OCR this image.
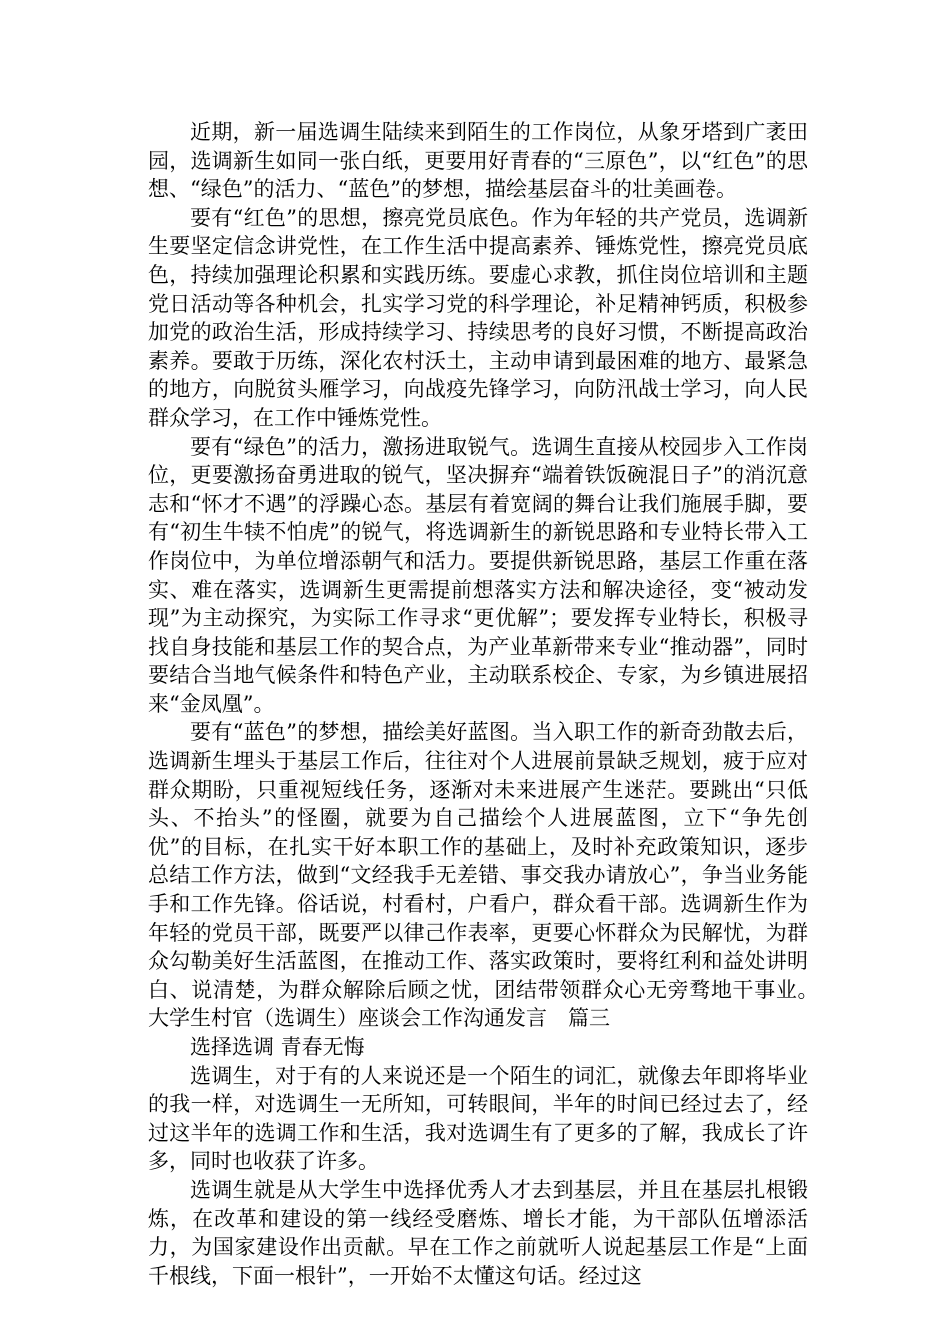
近期，新一届选调生陆续来到陌生的工作岗位，从象牙塔到广袤田园，选调新生如同一张白纸，更要用好青春的“三原色”，以“红色”的思想、“绿色”的活力、“蓝色”的梦想，描绘基层奋斗的壮美画卷。

要有“红色”的思想，擦亮党员底色。作为年轻的共产党员，选调新生要坚定信念讲党性，在工作生活中提高素养、锤炼党性，擦亮党员底色，持续加强理论积累和实践历练。要虚心求教，抓住岗位培训和主题党日活动等各种机会，扎实学习党的科学理论，补足精神钙质，积极参加党的政治生活，形成持续学习、持续思考的良好习惯，不断提高政治素养。要敢于历练，深化农村沃土，主动申请到最困难的地方、最紧急的地方，向脱贫头雁学习，向战疫先锋学习，向防汛战士学习，向人民群众学习，在工作中锤炼党性。

要有“绿色”的活力，激扬进取锐气。选调生直接从校园步入工作岗位，更要激扬奋勇进取的锐气，坚决摒弃“端着铁饭碗混日子”的消沉意志和“怀才不遇”的浮躁心态。基层有着宽阔的舞台让我们施展手脚，要有“初生牛犊不怕虎”的锐气，将选调新生的新锐思路和专业特长带入工作岗位中，为单位增添朝气和活力。要提供新锐思路，基层工作重在落实、难在落实，选调新生更需提前想落实方法和解决途径，变“被动发现”为主动探究，为实际工作寻求“更优解”；要发挥专业特长，积极寻找自身技能和基层工作的契合点，为产业革新带来专业“推动器”，同时要结合当地气候条件和特色产业，主动联系校企、专家，为乡镇进展招来“金凤凰”。

要有“蓝色”的梦想，描绘美好蓝图。当入职工作的新奇劲散去后，选调新生埋头于基层工作后，往往对个人进展前景缺乏规划，疲于应对群众期盼，只重视短线任务，逐渐对未来进展产生迷茫。要跳出“只低头、不抬头”的怪圈，就要为自己描绘个人进展蓝图，立下“争先创优”的目标，在扎实干好本职工作的基础上，及时补充政策知识，逐步总结工作方法，做到“文经我手无差错、事交我办请放心”，争当业务能手和工作先锋。俗话说，村看村，户看户，群众看干部。选调新生作为年轻的党员干部，既要严以律己作表率，更要心怀群众为民解忧，为群众勾勒美好生活蓝图，在推动工作、落实政策时，要将红利和益处讲明白、说清楚，为群众解除后顾之忧，团结带领群众心无旁骛地干事业。　　大学生村官（选调生）座谈会工作沟通发言　篇三

选择选调 青春无悔

选调生，对于有的人来说还是一个陌生的词汇，就像去年即将毕业的我一样，对选调生一无所知，可转眼间，半年的时间已经过去了，经过这半年的选调工作和生活，我对选调生有了更多的了解，我成长了许多，同时也收获了许多。

选调生就是从大学生中选择优秀人才去到基层，并且在基层扎根锻炼，在改革和建设的第一线经受磨炼、增长才能，为干部队伍增添活力，为国家建设作出贡献。早在工作之前就听人说起基层工作是“上面千根线，下面一根针”，一开始不太懂这句话。经过这
